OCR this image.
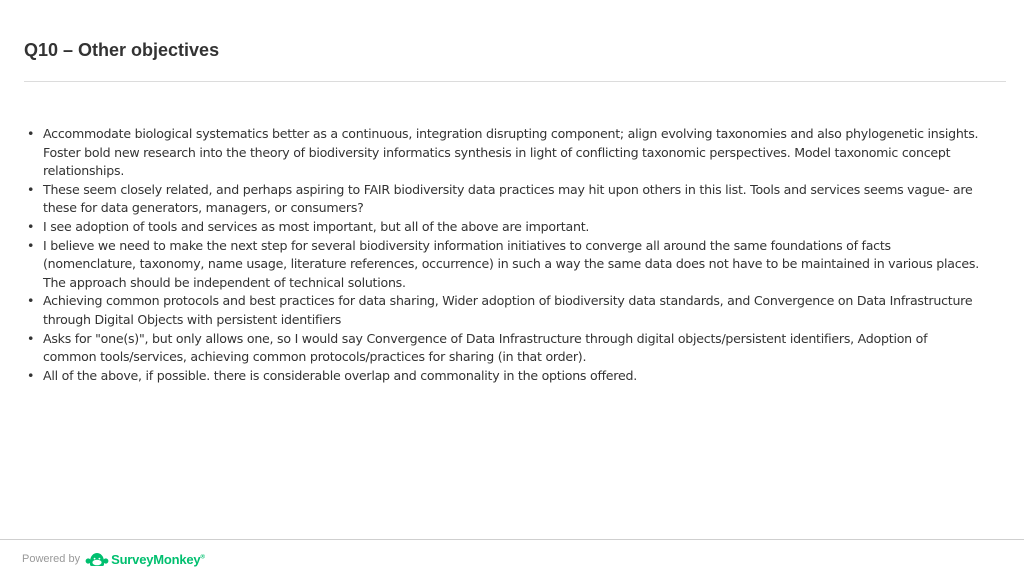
Q10 – Other objectives
• Accommodate biological systematics better as a continuous, integration disrupting component; align evolving taxonomies and also phylogenetic insights. Foster bold new research into the theory of biodiversity informatics synthesis in light of conflicting taxonomic perspectives. Model taxonomic concept relationships.
• These seem closely related, and perhaps aspiring to FAIR biodiversity data practices may hit upon others in this list. Tools and services seems vague- are these for data generators, managers, or consumers?
• I see adoption of tools and services as most important, but all of the above are important.
• I believe we need to make the next step for several biodiversity information initiatives to converge all around the same foundations of facts (nomenclature, taxonomy, name usage, literature references, occurrence) in such a way the same data does not have to be maintained in various places. The approach should be independent of technical solutions.
• Achieving common protocols and best practices for data sharing, Wider adoption of biodiversity data standards, and Convergence on Data Infrastructure through Digital Objects with persistent identifiers
• Asks for "one(s)", but only allows one, so I would say Convergence of Data Infrastructure through digital objects/persistent identifiers, Adoption of common tools/services, achieving common protocols/practices for sharing (in that order).
• All of the above, if possible. there is considerable overlap and commonality in the options offered.
Powered by SurveyMonkey®
